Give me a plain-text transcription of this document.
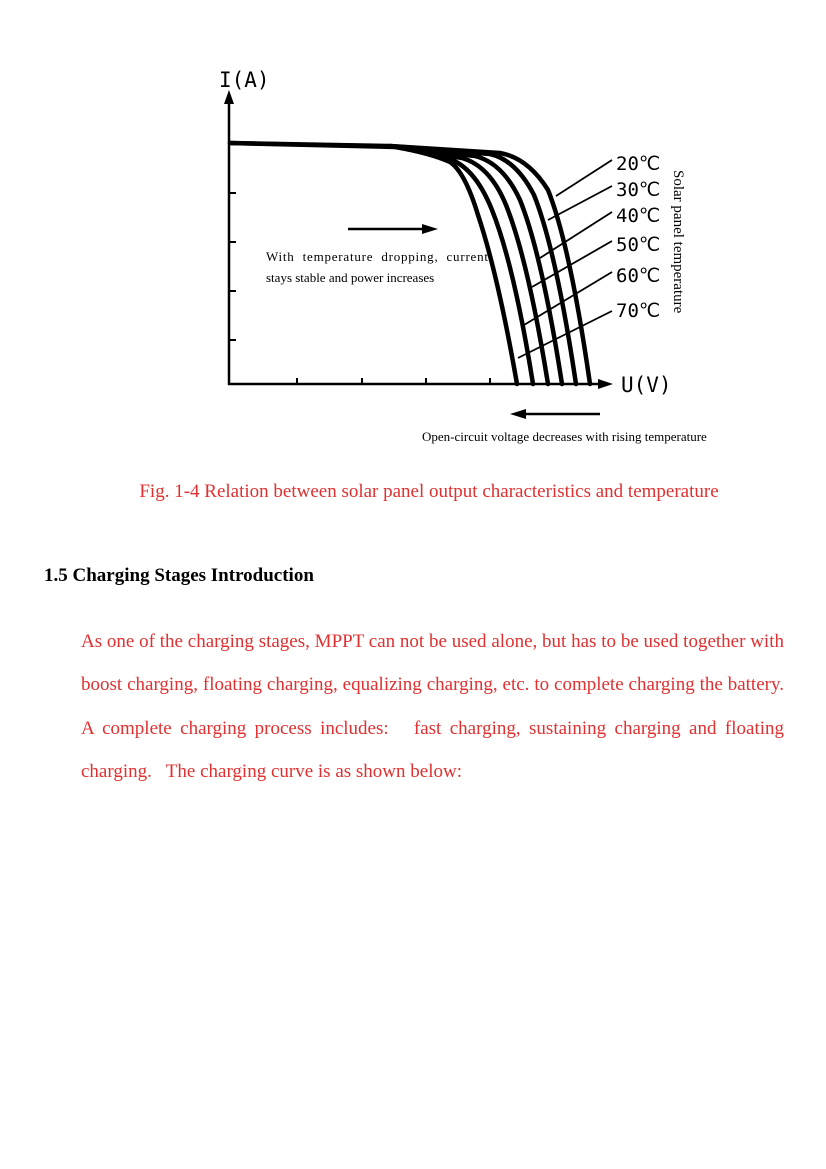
20℃
30℃
40℃
50℃
60℃
70℃
I(A)
U(V)
Solar panel temperature
With  temperature  dropping,  current
stays stable and power increases
Open-circuit voltage decreases with rising temperature
Fig. 1-4 Relation between solar panel output characteristics and temperature
1.5 Charging Stages Introduction

As one of the charging stages, MPPT can not be used alone, but has to be used together with boost charging, floating charging, equalizing charging, etc. to complete charging the battery. A complete charging process includes:   fast charging, sustaining charging and floating charging.   The charging curve is as shown below:
